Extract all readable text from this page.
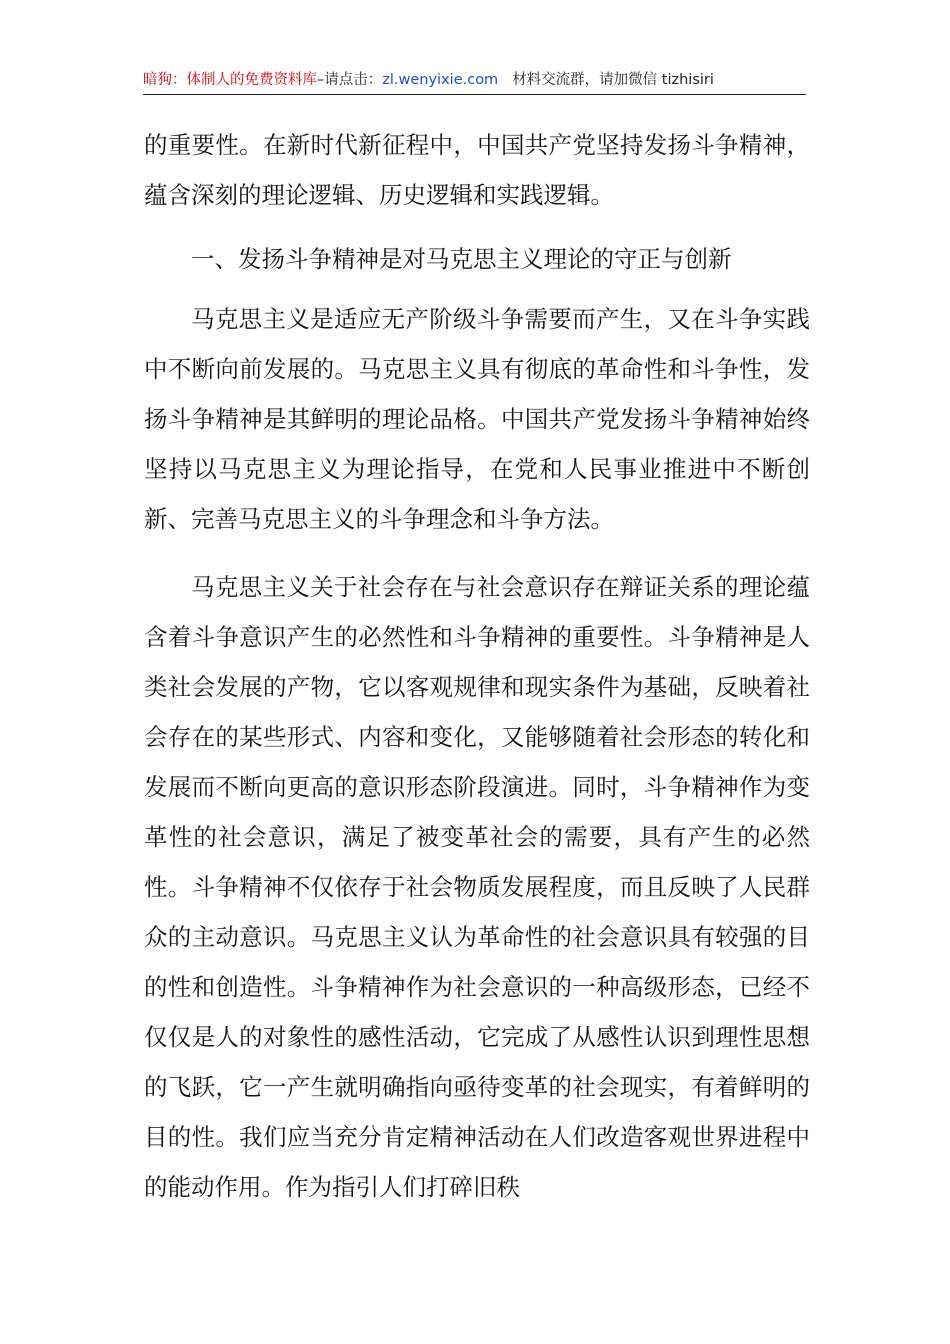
暗狗：体制人的免费资料库–请点击：zl.wenyixie.com 材料交流群，请加微信 tizhisiri

的重要性。在新时代新征程中，中国共产党坚持发扬斗争精神，蕴含深刻的理论逻辑、历史逻辑和实践逻辑。

一、发扬斗争精神是对马克思主义理论的守正与创新

马克思主义是适应无产阶级斗争需要而产生，又在斗争实践中不断向前发展的。马克思主义具有彻底的革命性和斗争性，发扬斗争精神是其鲜明的理论品格。中国共产党发扬斗争精神始终坚持以马克思主义为理论指导，在党和人民事业推进中不断创新、完善马克思主义的斗争理念和斗争方法。

马克思主义关于社会存在与社会意识存在辩证关系的理论蕴含着斗争意识产生的必然性和斗争精神的重要性。斗争精神是人类社会发展的产物，它以客观规律和现实条件为基础，反映着社会存在的某些形式、内容和变化，又能够随着社会形态的转化和发展而不断向更高的意识形态阶段演进。同时，斗争精神作为变革性的社会意识，满足了被变革社会的需要，具有产生的必然性。斗争精神不仅依存于社会物质发展程度，而且反映了人民群众的主动意识。马克思主义认为革命性的社会意识具有较强的目的性和创造性。斗争精神作为社会意识的一种高级形态，已经不仅仅是人的对象性的感性活动，它完成了从感性认识到理性思想的飞跃，它一产生就明确指向亟待变革的社会现实，有着鲜明的目的性。我们应当充分肯定精神活动在人们改造客观世界进程中的能动作用。作为指引人们打碎旧秩
